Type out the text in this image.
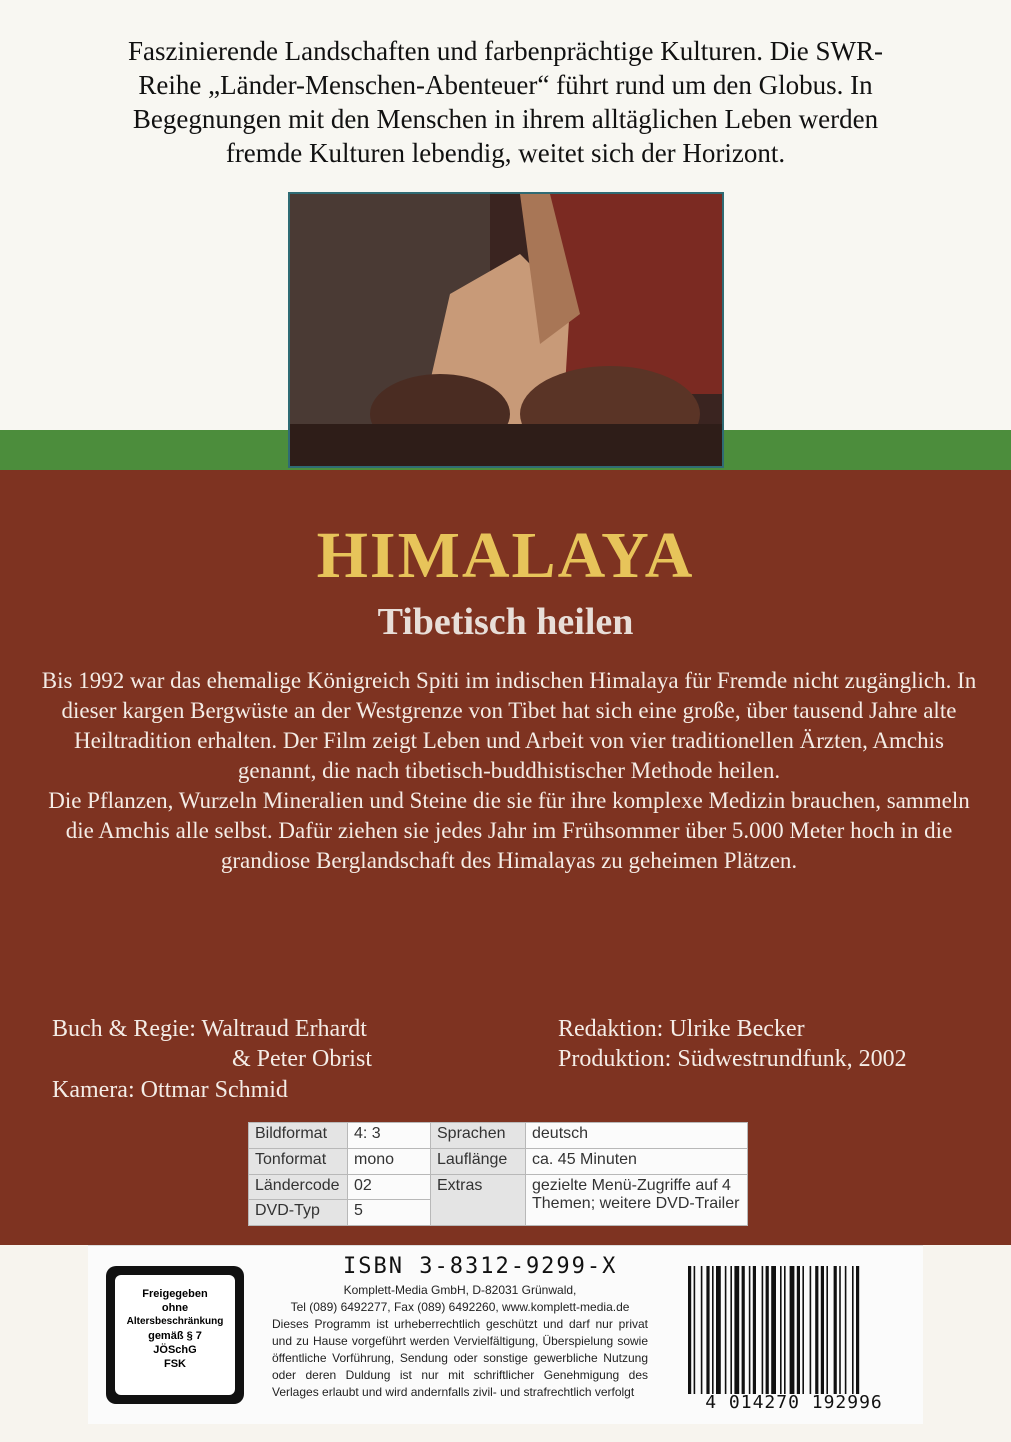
Faszinierende Landschaften und farbenprächtige Kulturen. Die SWR-
Reihe „Länder-Menschen-Abenteuer“ führt rund um den Globus. In
Begegnungen mit den Menschen in ihrem alltäglichen Leben werden
fremde Kulturen lebendig, weitet sich der Horizont.
HIMALAYA
Tibetisch heilen

Bis 1992 war das ehemalige Königreich Spiti im indischen Himalaya für Fremde nicht zugänglich. In dieser kargen Bergwüste an der Westgrenze von Tibet hat sich eine große, über tausend Jahre alte Heiltradition erhalten. Der Film zeigt Leben und Arbeit von vier traditionellen Ärzten, Amchis genannt, die nach tibetisch-buddhistischer Methode heilen.

Die Pflanzen, Wurzeln Mineralien und Steine die sie für ihre komplexe Medizin brauchen, sammeln die Amchis alle selbst. Dafür ziehen sie jedes Jahr im Frühsommer über 5.000 Meter hoch in die grandiose Berglandschaft des Himalayas zu geheimen Plätzen.

Buch & Regie: Waltraud Erhardt
& Peter Obrist
Kamera: Ottmar Schmid
Redaktion: Ulrike Becker
Produktion: Südwestrundfunk, 2002
Bildformat	4: 3	Sprachen	deutsch
Tonformat	mono	Lauflänge	ca. 45 Minuten
Ländercode	02	Extras	gezielte Menü-Zugriffe auf 4 Themen; weitere DVD-Trailer
DVD-Typ	5		
Freigegeben
ohne
Altersbeschränkung
gemäß § 7
JÖSchG
FSK
ISBN 3-8312-9299-X

Komplett-Media GmbH, D-82031 Grünwald,

Tel (089) 6492277, Fax (089) 6492260, www.komplett-media.de

Dieses Programm ist urheberrechtlich geschützt und darf nur privat und zu Hause vorgeführt werden Vervielfältigung, Überspielung sowie öffentliche Vorführung, Sendung oder sonstige gewerbliche Nutzung oder deren Duldung ist nur mit schriftlicher Genehmigung des Verlages erlaubt und wird andernfalls zivil- und strafrechtlich verfolgt	4 014270 192996
